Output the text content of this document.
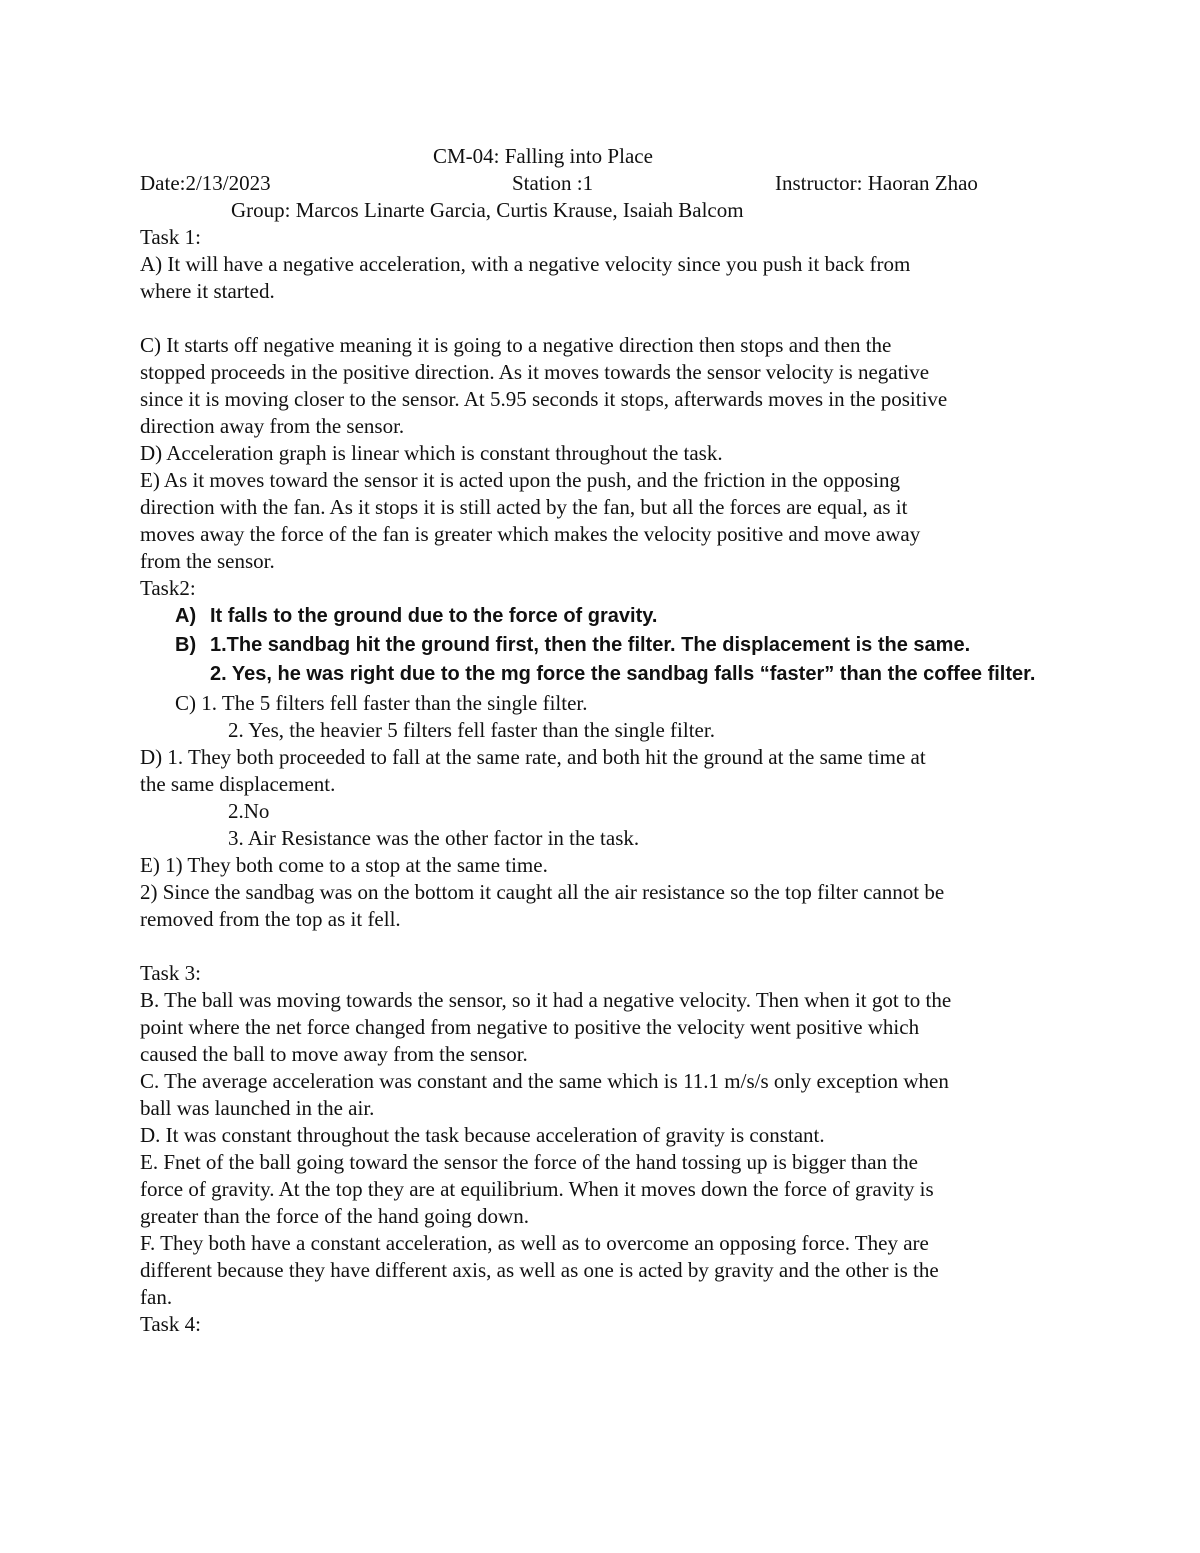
CM-04: Falling into Place
Date:2/13/2023	Station :1	Instructor: Haoran Zhao
Group: Marcos Linarte Garcia, Curtis Krause, Isaiah Balcom
Task 1:
A) It will have a negative acceleration, with a negative velocity since you push it back from
where it started.
C) It starts off negative meaning it is going to a negative direction then stops and then the
stopped proceeds in the positive direction. As it moves towards the sensor velocity is negative
since it is moving closer to the sensor. At 5.95 seconds it stops, afterwards moves in the positive
direction away from the sensor.
D) Acceleration graph is linear which is constant throughout the task.
E) As it moves toward the sensor it is acted upon the push, and the friction in the opposing
direction with the fan. As it stops it is still acted by the fan, but all the forces are equal, as it
moves away the force of the fan is greater which makes the velocity positive and move away
from the sensor.
Task2:
A) It falls to the ground due to the force of gravity.
B) 1.The sandbag hit the ground first, then the filter. The displacement is the same.
2. Yes, he was right due to the mg force the sandbag falls “faster” than the coffee filter.
C) 1. The 5 filters fell faster than the single filter.
2. Yes, the heavier 5 filters fell faster than the single filter.
D) 1. They both proceeded to fall at the same rate, and both hit the ground at the same time at
the same displacement.
2.No
3. Air Resistance was the other factor in the task.
E) 1) They both come to a stop at the same time.
2) Since the sandbag was on the bottom it caught all the air resistance so the top filter cannot be
removed from the top as it fell.
Task 3:
B. The ball was moving towards the sensor, so it had a negative velocity. Then when it got to the
point where the net force changed from negative to positive the velocity went positive which
caused the ball to move away from the sensor.
C. The average acceleration was constant and the same which is 11.1 m/s/s only exception when
ball was launched in the air.
D. It was constant throughout the task because acceleration of gravity is constant.
E. Fnet of the ball going toward the sensor the force of the hand tossing up is bigger than the
force of gravity. At the top they are at equilibrium. When it moves down the force of gravity is
greater than the force of the hand going down.
F. They both have a constant acceleration, as well as to overcome an opposing force. They are
different because they have different axis, as well as one is acted by gravity and the other is the
fan.
Task 4:
